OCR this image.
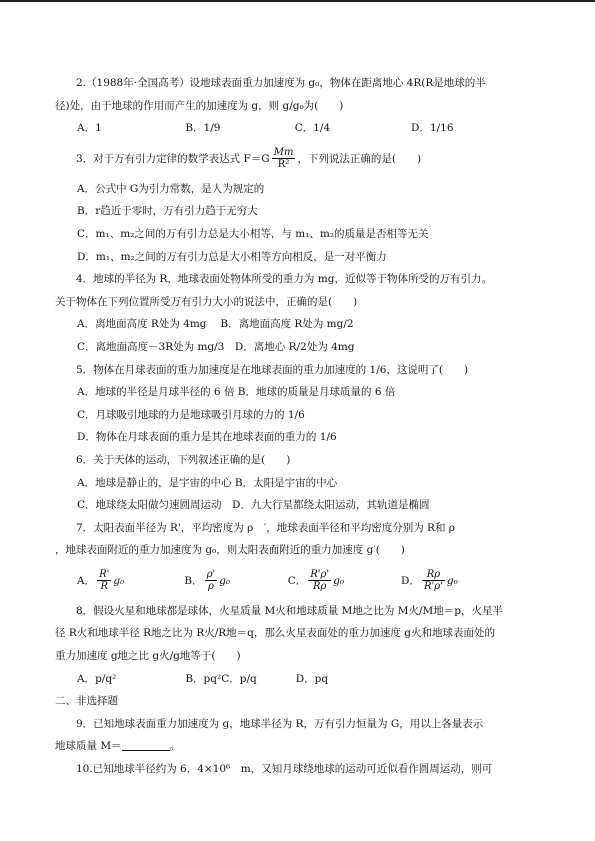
2.（1988年·全国高考）设地球表面重力加速度为 g₀，物体在距离地心 4R(R是地球的半
径)处，由于地球的作用而产生的加速度为 g，则 g/g₀为(　　)
A．1	B．1/9	C．1/4	D．1/16
3．对于万有引力定律的数学表达式 $F=G \frac{Mm}{\text{R²}}$ ，下列说法正确的是(　　)
A．公式中 G为引力常数，是人为规定的
B．r趋近于零时，万有引力趋于无穷大
C．m₁、m₂之间的万有引力总是大小相等，与 m₁、m₂的质量是否相等无关
D．m₁、m₂之间的万有引力总是大小相等方向相反，是一对平衡力
4．地球的半径为 R，地球表面处物体所受的重力为 mg，近似等于物体所受的万有引力。
关于物体在下列位置所受万有引力大小的说法中，正确的是(　　)
A．离地面高度 R处为 4mg　 B．离地面高度 R处为 mg/2
C．离地面高度－3R处为 mg/3　D．离地心 R/2处为 4mg
5．物体在月球表面的重力加速度是在地球表面的重力加速度的 1/6，这说明了(　　)
A．地球的半径是月球半径的 6 倍 B．地球的质量是月球质量的 6 倍
C．月球吸引地球的力是地球吸引月球的力的 1/6
D．物体在月球表面的重力是其在地球表面的重力的 1/6
6．关于天体的运动，下列叙述正确的是(　　)
A．地球是静止的，是宇宙的中心 B．太阳是宇宙的中心
C．地球绕太阳做匀速圆周运动　D．九大行星都绕太阳运动，其轨道是椭圆
7．太阳表面半径为 R'，平均密度为 ρ　′，地球表面半径和平均密度分别为 R和 ρ
，地球表面附近的重力加速度为 g₀，则太阳表面附近的重力加速度 g′(　　)
A． $\frac{R'}{R} g_0$	B． $\frac{\rho'}{\rho} g_0$	C． $\frac{R'\rho'}{R\rho} g_0$	D． $\frac{R\rho}{R'\rho'} g_0$
8．假设火星和地球都是球体，火星质量 M火和地球质量 M地之比为 M火/M地＝p，火星半
径 R火和地球半径 R地之比为 R火/R地＝q，那么火星表面处的重力加速度 g火和地球表面处的
重力加速度 g地之比 g火/g地等于(　　)
A．p/q²	B．pq²C．p/q	D．pq
二、非选择题
9．已知地球表面重力加速度为 g，地球半径为 R，万有引力恒量为 G，用以上各量表示
地球质量 M＝	。
10.已知地球半径约为 6．4×10⁶　m，又知月球绕地球的运动可近似看作圆周运动，则可
